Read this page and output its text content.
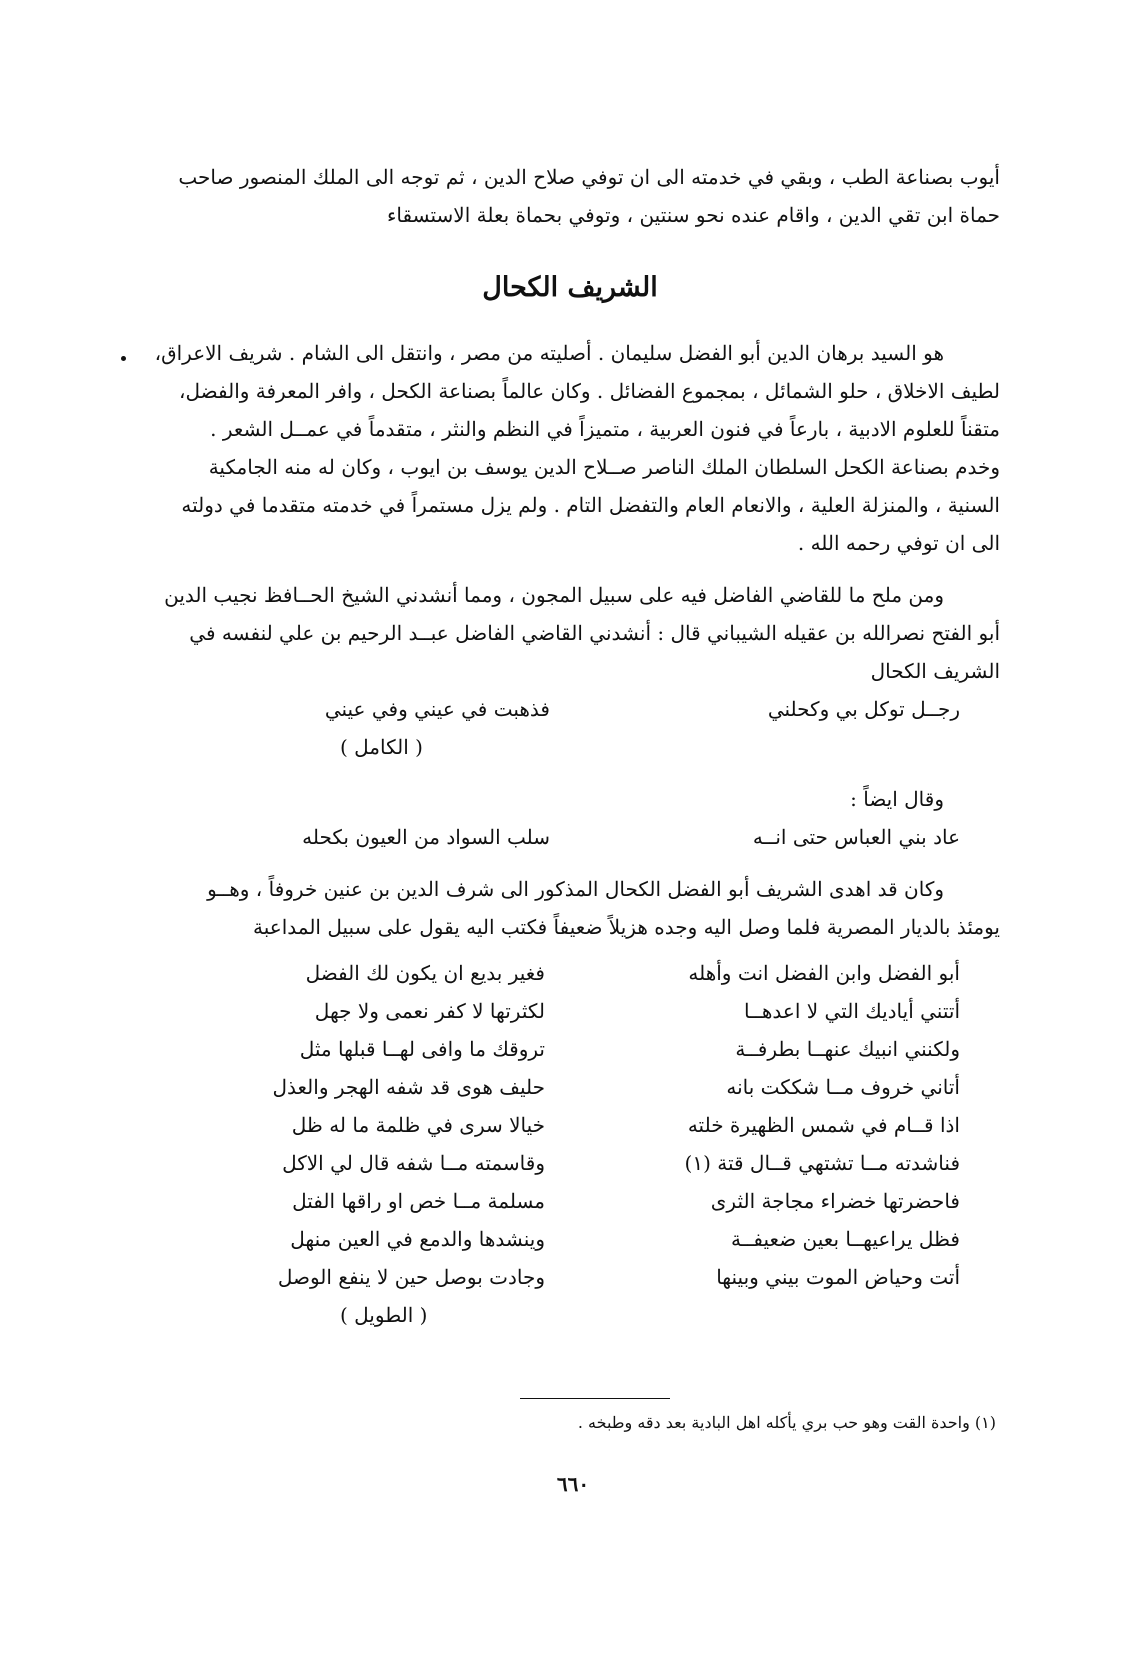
أيوب بصناعة الطب ، وبقي في خدمته الى ان توفي صلاح الدين ، ثم توجه الى الملك المنصور صاحب
حماة ابن تقي الدين ، واقام عنده نحو سنتين ، وتوفي بحماة بعلة الاستسقاء

الشريف الكحال

هو السيد برهان الدين أبو الفضل سليمان . أصليته من مصر ، وانتقل الى الشام . شريف الاعراق،
لطيف الاخلاق ، حلو الشمائل ، بمجموع الفضائل . وكان عالماً بصناعة الكحل ، وافر المعرفة والفضل،
متقناً للعلوم الادبية ، بارعاً في فنون العربية ، متميزاً في النظم والنثر ، متقدماً في عمــل الشعر .
وخدم بصناعة الكحل السلطان الملك الناصر صــلاح الدين يوسف بن ايوب ، وكان له منه الجامكية
السنية ، والمنزلة العلية ، والانعام العام والتفضل التام . ولم يزل مستمراً في خدمته متقدما في دولته
الى ان توفي رحمه الله .

ومن ملح ما للقاضي الفاضل فيه على سبيل المجون ، ومما أنشدني الشيخ الحــافظ نجيب الدين
أبو الفتح نصرالله بن عقيله الشيباني قال : أنشدني القاضي الفاضل عبــد الرحيم بن علي لنفسه في
الشريف الكحال

رجــل توكل بي وكحلني
فذهبت في عيني وفي عيني
( الكامل )

وقال ايضاً :

عاد بني العباس حتى انــه
سلب السواد من العيون بكحله

وكان قد اهدى الشريف أبو الفضل الكحال المذكور الى شرف الدين بن عنين خروفاً ، وهــو
يومئذ بالديار المصرية فلما وصل اليه وجده هزيلاً ضعيفاً فكتب اليه يقول على سبيل المداعبة

أبو الفضل وابن الفضل انت وأهله
فغير بديع ان يكون لك الفضل
أتتني أياديك التي لا اعدهــا
لكثرتها لا كفر نعمى ولا جهل
ولكنني انبيك عنهــا بطرفــة
تروقك ما وافى لهــا قبلها مثل
أتاني خروف مــا شككت بانه
حليف هوى قد شفه الهجر والعذل
اذا قــام في شمس الظهيرة خلته
خيالا سرى في ظلمة ما له ظل
فناشدته مــا تشتهي قــال قتة (١)
وقاسمته مــا شفه قال لي الاكل
فاحضرتها خضراء مجاجة الثرى
مسلمة مــا خص او راقها الفتل
فظل يراعيهــا بعين ضعيفــة
وينشدها والدمع في العين منهل
أتت وحياض الموت بيني وبينها
وجادت بوصل حين لا ينفع الوصل
( الطويل )
(١) واحدة القت وهو حب بري يأكله اهل البادية بعد دقه وطبخه .
٦٦٠
